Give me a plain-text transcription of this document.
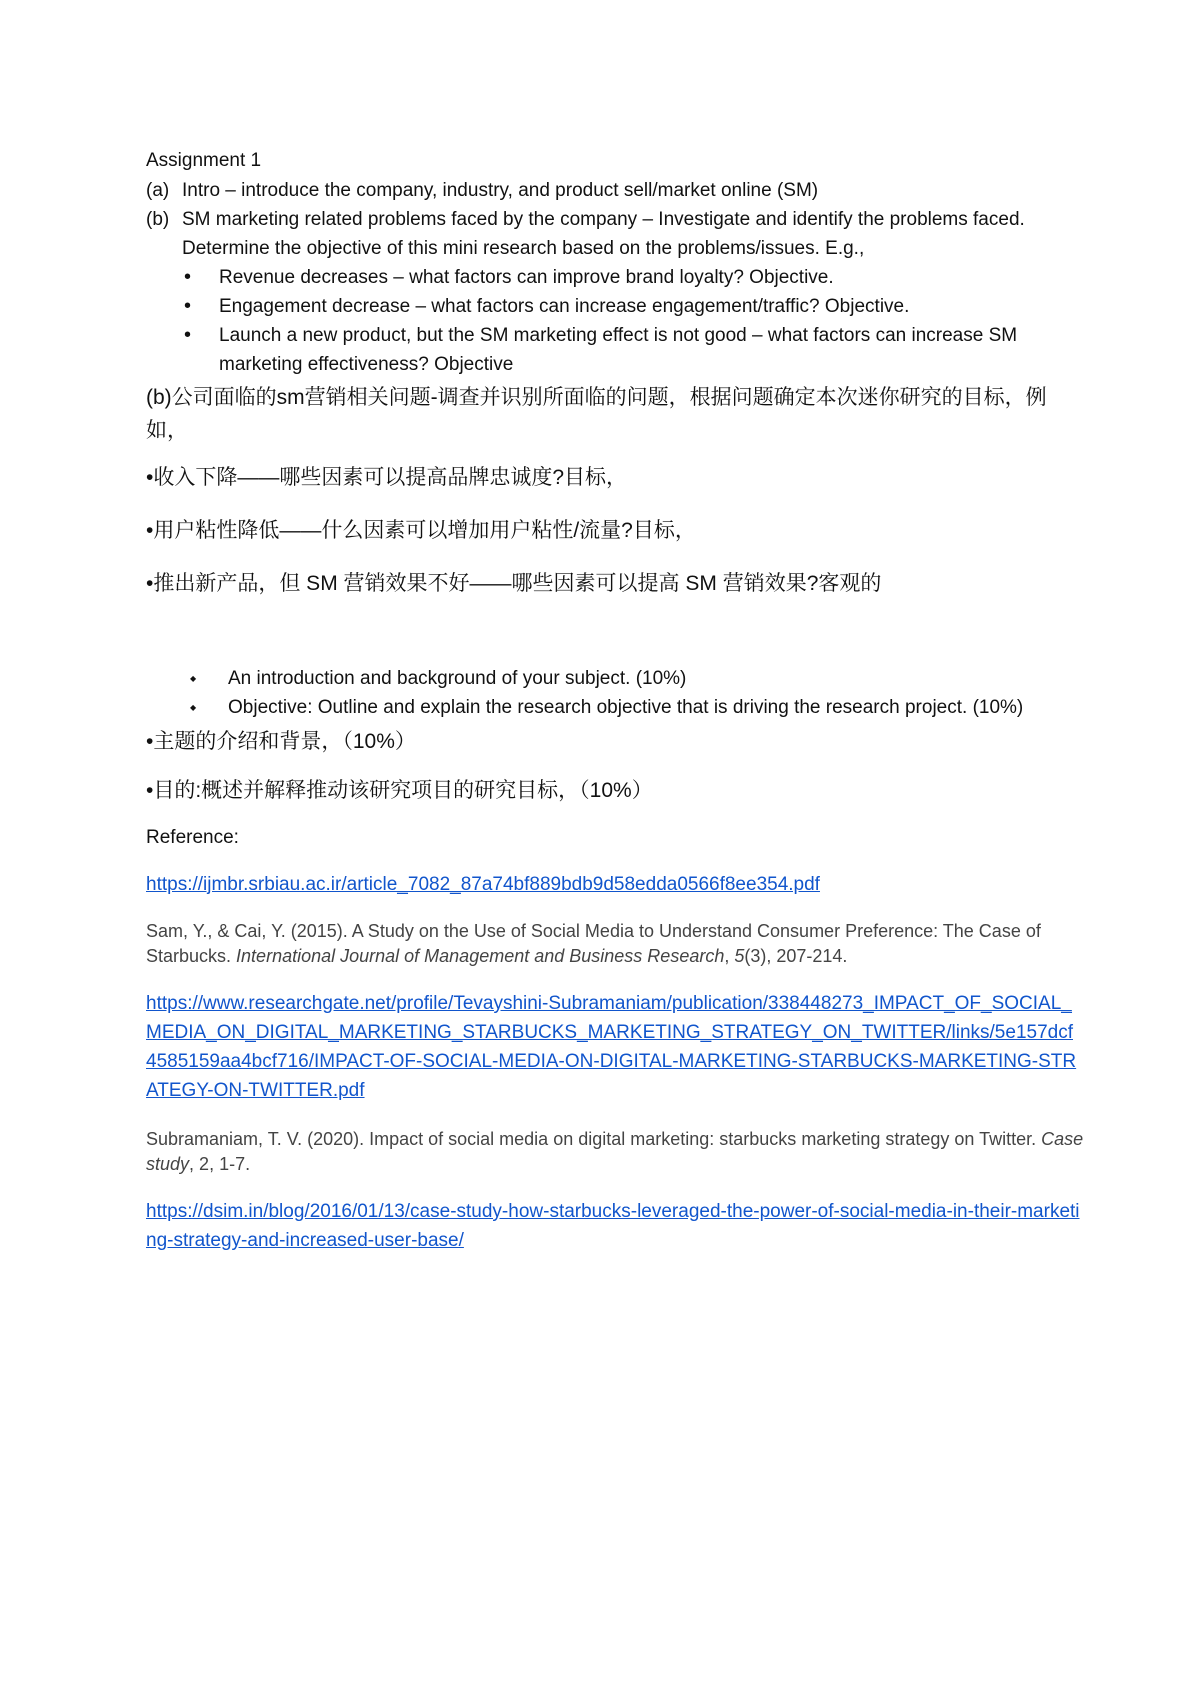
Assignment 1
(a) Intro – introduce the company, industry, and product sell/market online (SM)
(b) SM marketing related problems faced by the company – Investigate and identify the problems faced. Determine the objective of this mini research based on the problems/issues. E.g.,
• Revenue decreases – what factors can improve brand loyalty? Objective.
• Engagement decrease – what factors can increase engagement/traffic? Objective.
• Launch a new product, but the SM marketing effect is not good – what factors can increase SM marketing effectiveness? Objective

(b)公司面临的sm营销相关问题-调查并识别所面临的问题，根据问题确定本次迷你研究的目标，例如，

•收入下降——哪些因素可以提高品牌忠诚度?目标，

•用户粘性降低——什么因素可以增加用户粘性/流量?目标，

•推出新产品，但 SM 营销效果不好——哪些因素可以提高 SM 营销效果?客观的

◆ An introduction and background of your subject. (10%)
◆ Objective: Outline and explain the research objective that is driving the research project. (10%)

•主题的介绍和背景，（10%）

•目的:概述并解释推动该研究项目的研究目标，（10%）

Reference:
https://ijmbr.srbiau.ac.ir/article_7082_87a74bf889bdb9d58edda0566f8ee354.pdf
Sam, Y., & Cai, Y. (2015). A Study on the Use of Social Media to Understand Consumer Preference: The Case of Starbucks. International Journal of Management and Business Research, 5(3), 207-214.
https://www.researchgate.net/profile/Tevayshini-Subramaniam/publication/338448273_IMPACT_OF_SOCIAL_MEDIA_ON_DIGITAL_MARKETING_STARBUCKS_MARKETING_STRATEGY_ON_TWITTER/links/5e157dcf4585159aa4bcf716/IMPACT-OF-SOCIAL-MEDIA-ON-DIGITAL-MARKETING-STARBUCKS-MARKETING-STRATEGY-ON-TWITTER.pdf
Subramaniam, T. V. (2020). Impact of social media on digital marketing: starbucks marketing strategy on Twitter. Case study, 2, 1-7.
https://dsim.in/blog/2016/01/13/case-study-how-starbucks-leveraged-the-power-of-social-media-in-their-marketing-strategy-and-increased-user-base/
